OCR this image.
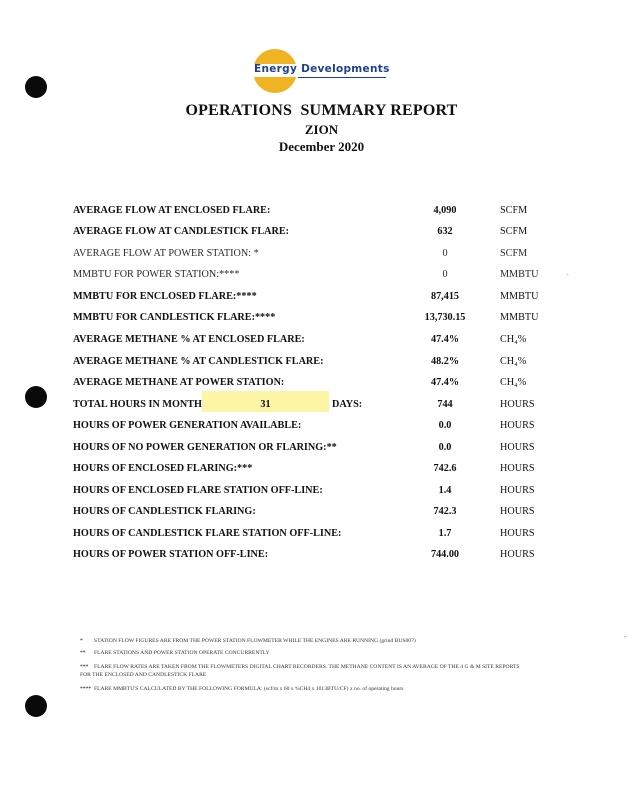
Energy Developments
OPERATIONS  SUMMARY REPORT
ZION
December 2020
AVERAGE FLOW AT ENCLOSED FLARE:	4,090	SCFM
AVERAGE FLOW AT CANDLESTICK FLARE:	632	SCFM
AVERAGE FLOW AT POWER STATION: *	0	SCFM
MMBTU FOR POWER STATION:****	0	MMBTU
MMBTU FOR ENCLOSED FLARE:****	87,415	MMBTU
MMBTU FOR CANDLESTICK FLARE:****	13,730.15	MMBTU
AVERAGE METHANE % AT ENCLOSED FLARE:	47.4%	CH₄%
AVERAGE METHANE % AT CANDLESTICK FLARE:	48.2%	CH₄%
AVERAGE METHANE AT POWER STATION:	47.4%	CH₄%
TOTAL HOURS IN MONTH	31	DAYS:	744	HOURS
HOURS OF POWER GENERATION AVAILABLE:	0.0	HOURS
HOURS OF NO POWER GENERATION OR FLARING:**	0.0	HOURS
HOURS OF ENCLOSED FLARING:***	742.6	HOURS
HOURS OF ENCLOSED FLARE STATION OFF-LINE:	1.4	HOURS
HOURS OF CANDLESTICK FLARING:	742.3	HOURS
HOURS OF CANDLESTICK FLARE STATION OFF-LINE:	1.7	HOURS
HOURS OF POWER STATION OFF-LINE:	744.00	HOURS
-
-
* STATION FLOW FIGURES ARE FROM THE POWER STATION FLOWMETER WHILE THE ENGINES ARE RUNNING (grind BUS007)
** FLARE STATIONS AND POWER STATION OPERATE CONCURRENTLY
*** FLARE FLOW RATES ARE TAKEN FROM THE FLOWMETERS DIGITAL CHART RECORDERS. THE METHANE CONTENT IS AN AVERAGE OF THE 4 G & M SITE REPORTS
FOR THE ENCLOSED AND CANDLESTICK FLARE
**** FLARE MMBTU'S CALCULATED BY THE FOLLOWING FORMULA: (scf/m x 60 x %CH4 x 1013BTU/CF) x no. of operating hours
